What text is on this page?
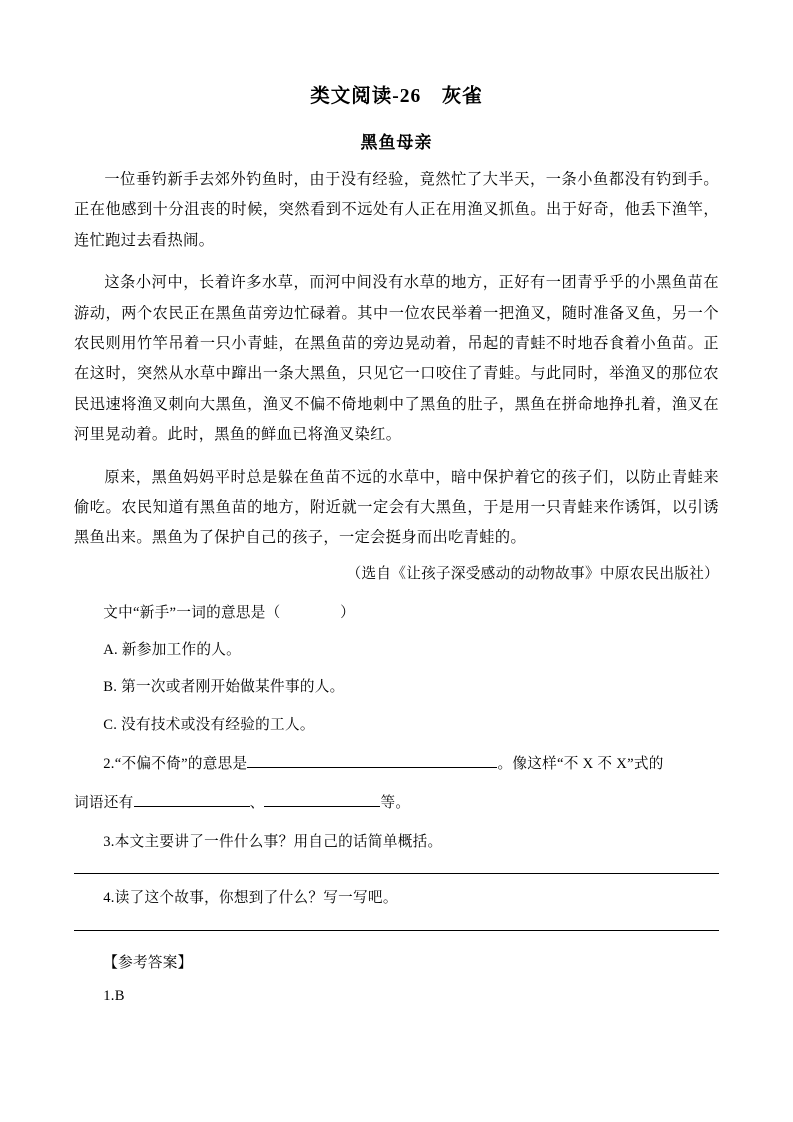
类文阅读-26　灰雀
黑鱼母亲

一位垂钓新手去郊外钓鱼时，由于没有经验，竟然忙了大半天，一条小鱼都没有钓到手。正在他感到十分沮丧的时候，突然看到不远处有人正在用渔叉抓鱼。出于好奇，他丢下渔竿，连忙跑过去看热闹。

这条小河中，长着许多水草，而河中间没有水草的地方，正好有一团青乎乎的小黑鱼苗在游动，两个农民正在黑鱼苗旁边忙碌着。其中一位农民举着一把渔叉，随时准备叉鱼，另一个农民则用竹竿吊着一只小青蛙，在黑鱼苗的旁边晃动着，吊起的青蛙不时地吞食着小鱼苗。正在这时，突然从水草中蹿出一条大黑鱼，只见它一口咬住了青蛙。与此同时，举渔叉的那位农民迅速将渔叉刺向大黑鱼，渔叉不偏不倚地刺中了黑鱼的肚子，黑鱼在拼命地挣扎着，渔叉在河里晃动着。此时，黑鱼的鲜血已将渔叉染红。

原来，黑鱼妈妈平时总是躲在鱼苗不远的水草中，暗中保护着它的孩子们，以防止青蛙来偷吃。农民知道有黑鱼苗的地方，附近就一定会有大黑鱼，于是用一只青蛙来作诱饵，以引诱黑鱼出来。黑鱼为了保护自己的孩子，一定会挺身而出吃青蛙的。

（选自《让孩子深受感动的动物故事》中原农民出版社）

文中“新手”一词的意思是（　　　　）

A. 新参加工作的人。

B. 第一次或者刚开始做某件事的人。

C. 没有技术或没有经验的工人。

2.“不偏不倚”的意思是	。像这样“不 X 不 X”式的

词语还有	、	等。

3.本文主要讲了一件什么事？用自己的话简单概括。

4.读了这个故事，你想到了什么？写一写吧。

【参考答案】

1.B
